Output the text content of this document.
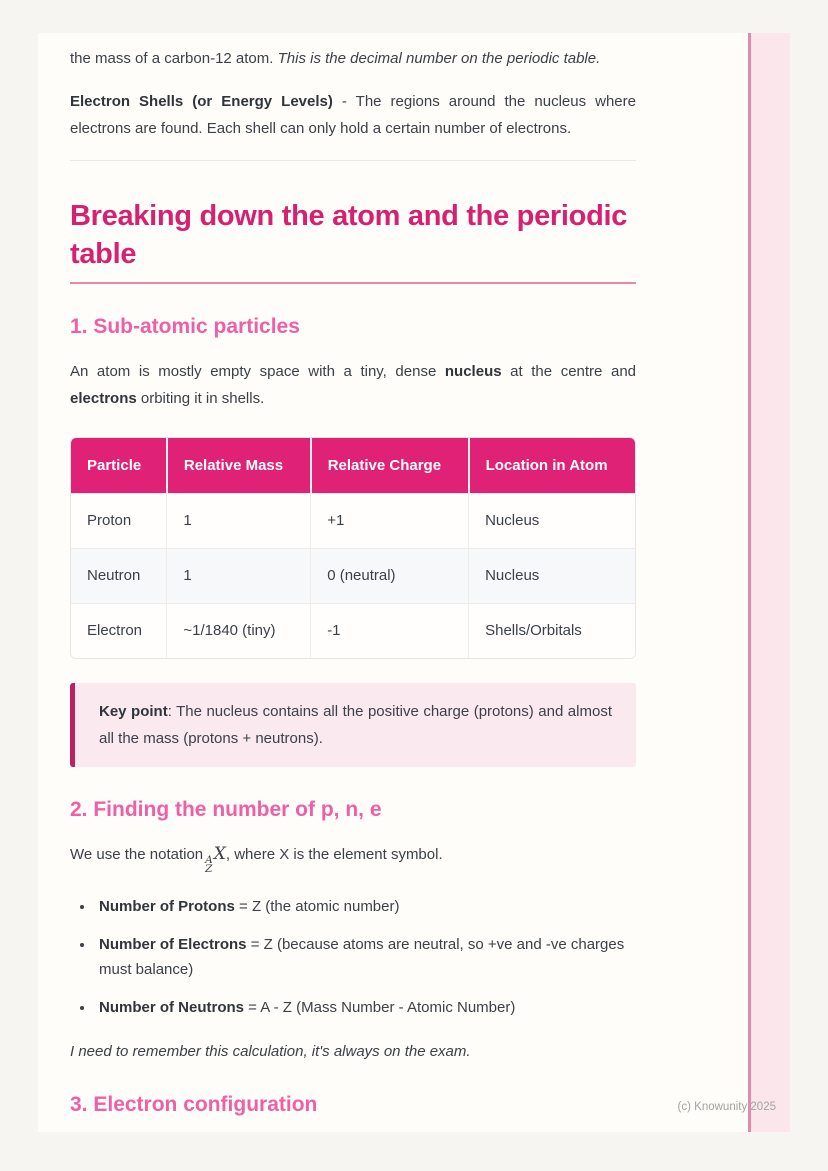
the mass of a carbon-12 atom. This is the decimal number on the periodic table.

Electron Shells (or Energy Levels) - The regions around the nucleus where electrons are found. Each shell can only hold a certain number of electrons.

Breaking down the atom and the periodic table
1. Sub-atomic particles

An atom is mostly empty space with a tiny, dense nucleus at the centre and electrons orbiting it in shells.

Particle	Relative Mass	Relative Charge	Location in Atom
Proton	1	+1	Nucleus
Neutron	1	0 (neutral)	Nucleus
Electron	~1/1840 (tiny)	-1	Shells/Orbitals

Key point: The nucleus contains all the positive charge (protons) and almost all the mass (protons + neutrons).

2. Finding the number of p, n, e

We use the notation A
Z
X, where X is the element symbol.

• Number of Protons = Z (the atomic number)
• Number of Electrons = Z (because atoms are neutral, so +ve and -ve charges must balance)
• Number of Neutrons = A - Z (Mass Number - Atomic Number)

I need to remember this calculation, it's always on the exam.

3. Electron configuration	(c) Knowunity 2025
